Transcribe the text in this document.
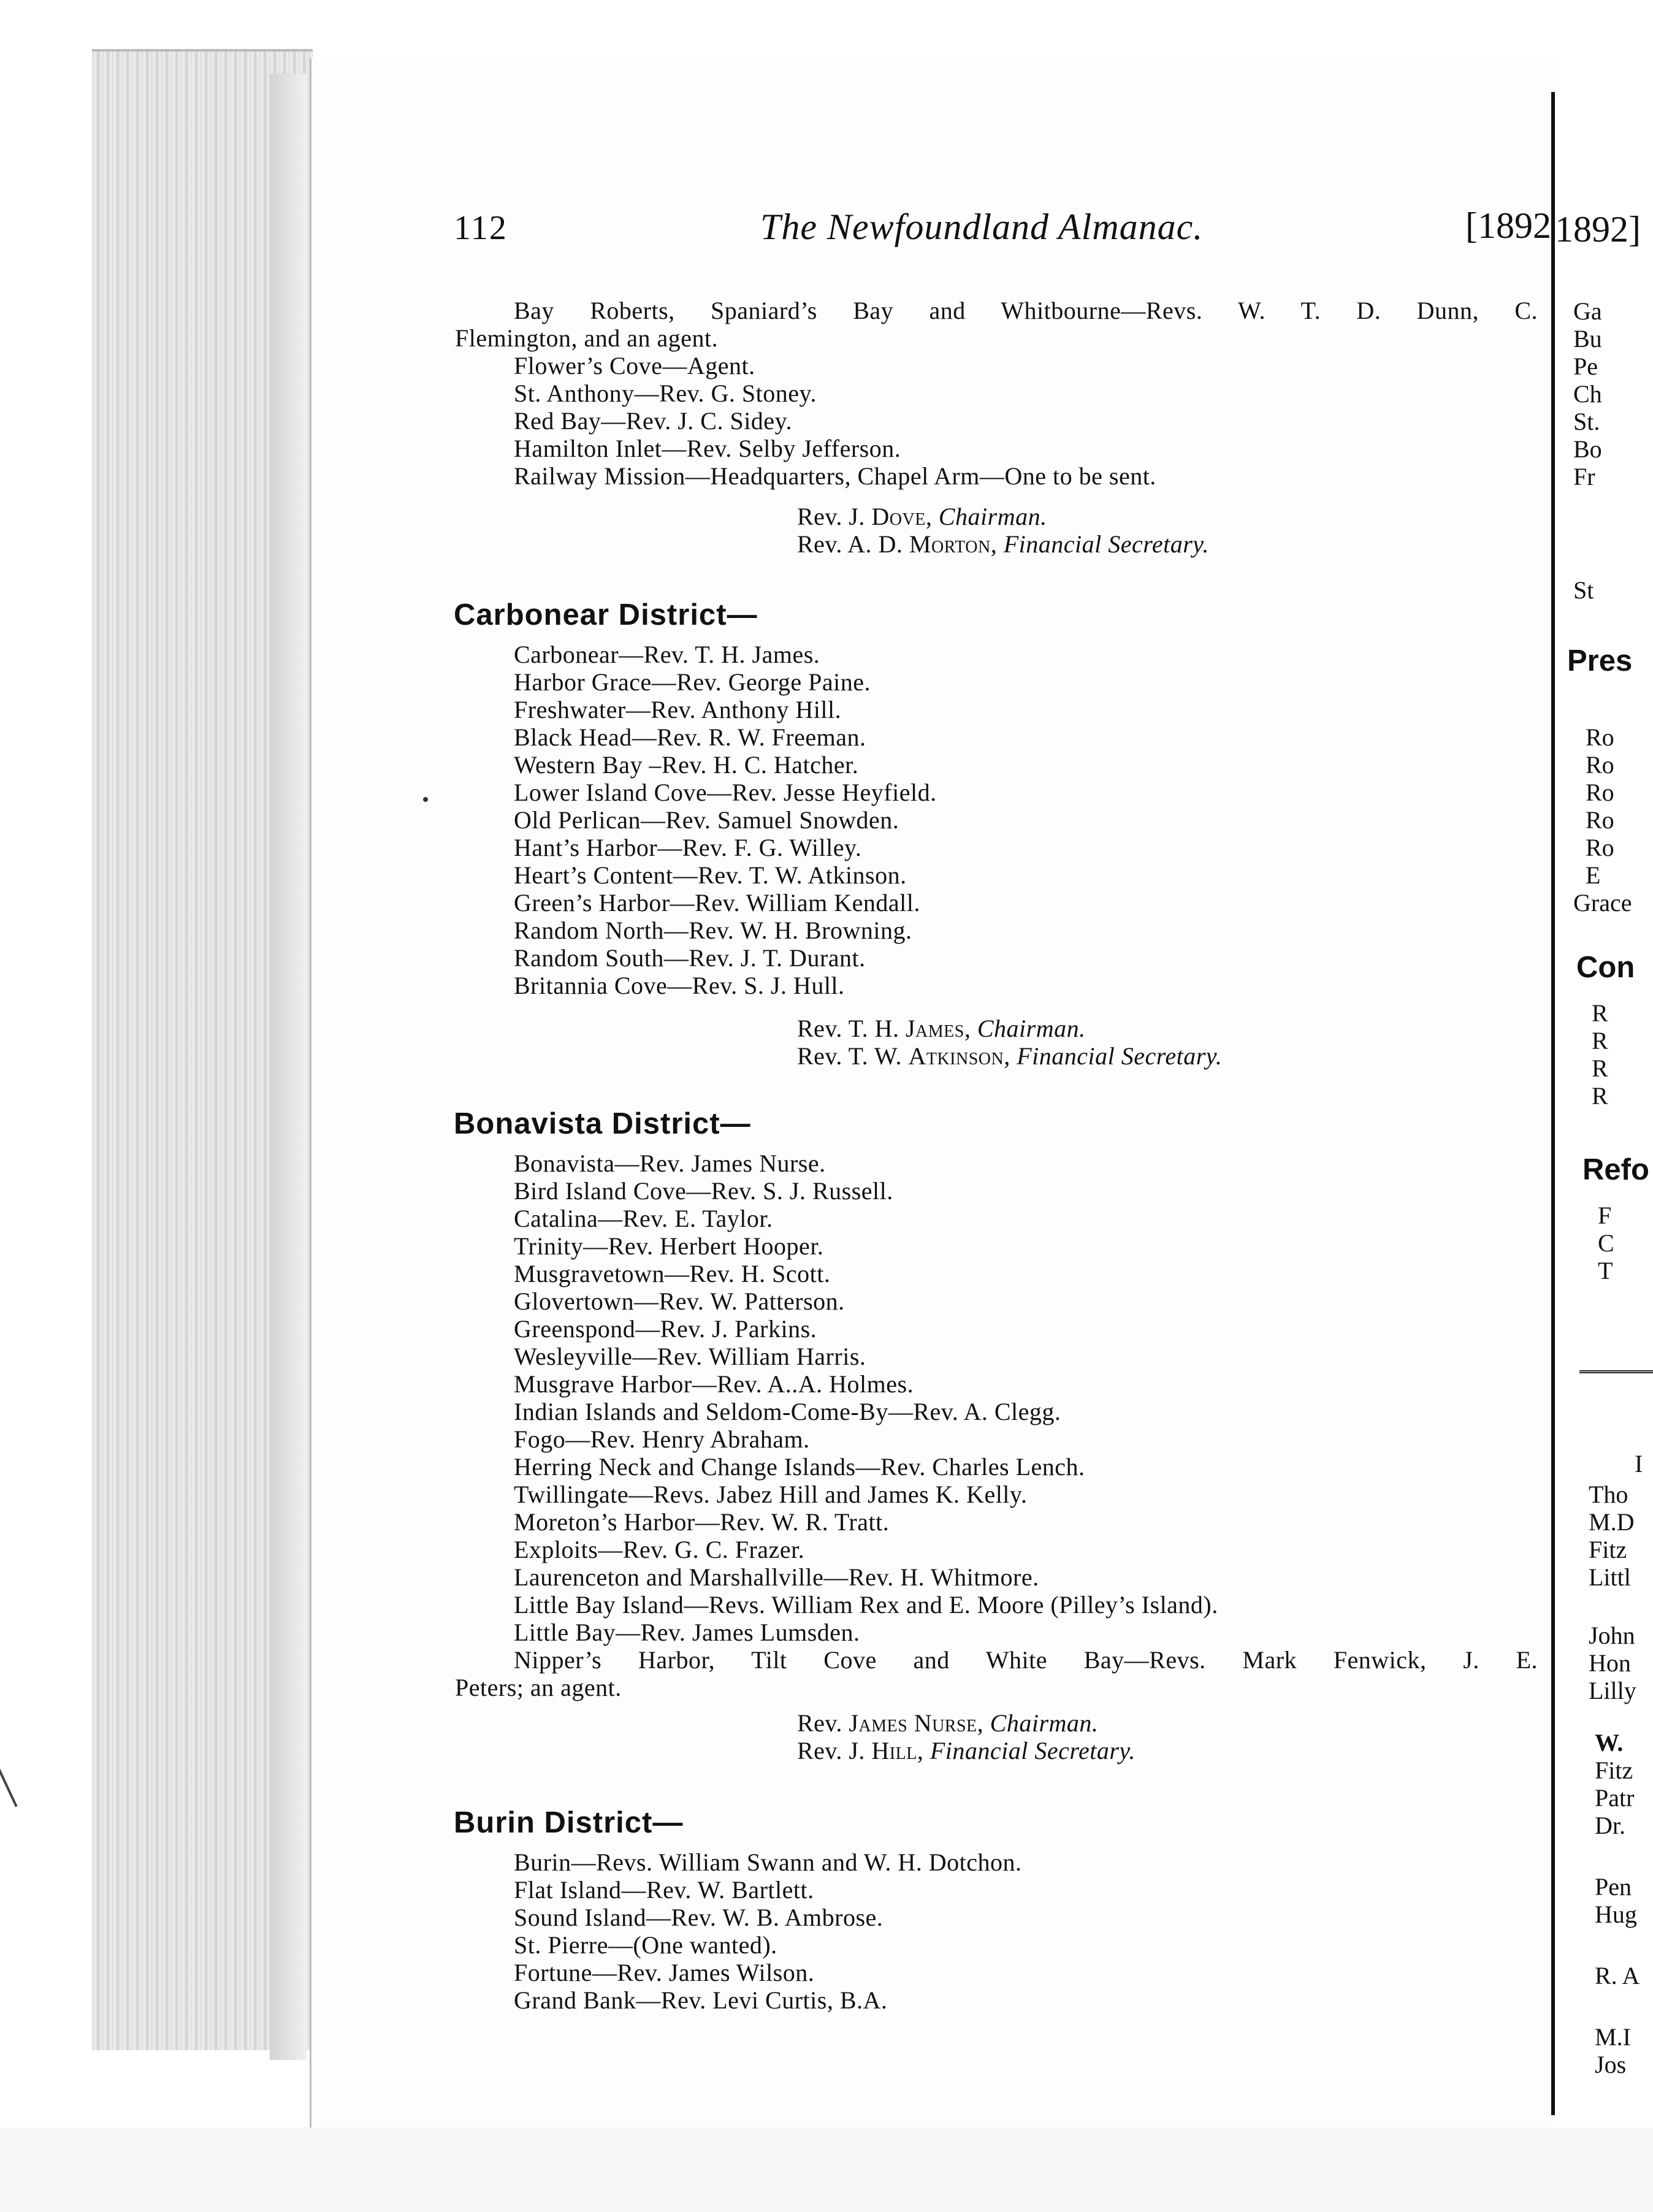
112	The Newfoundland Almanac.	[1892
Bay Roberts, Spaniard’s Bay and Whitbourne—Revs. W. T. D. Dunn, C.
Flemington, and an agent.
Flower’s Cove—Agent.
St. Anthony—Rev. G. Stoney.
Red Bay—Rev. J. C. Sidey.
Hamilton Inlet—Rev. Selby Jefferson.
Railway Mission—Headquarters, Chapel Arm—One to be sent.
Rev. J. Dove, Chairman.
Rev. A. D. Morton, Financial Secretary.
Carbonear District—
Carbonear—Rev. T. H. James.
Harbor Grace—Rev. George Paine.
Freshwater—Rev. Anthony Hill.
Black Head—Rev. R. W. Freeman.
Western Bay –Rev. H. C. Hatcher.
Lower Island Cove—Rev. Jesse Heyfield.
Old Perlican—Rev. Samuel Snowden.
Hant’s Harbor—Rev. F. G. Willey.
Heart’s Content—Rev. T. W. Atkinson.
Green’s Harbor—Rev. William Kendall.
Random North—Rev. W. H. Browning.
Random South—Rev. J. T. Durant.
Britannia Cove—Rev. S. J. Hull.
Rev. T. H. James, Chairman.
Rev. T. W. Atkinson, Financial Secretary.
Bonavista District—
Bonavista—Rev. James Nurse.
Bird Island Cove—Rev. S. J. Russell.
Catalina—Rev. E. Taylor.
Trinity—Rev. Herbert Hooper.
Musgravetown—Rev. H. Scott.
Glovertown—Rev. W. Patterson.
Greenspond—Rev. J. Parkins.
Wesleyville—Rev. William Harris.
Musgrave Harbor—Rev. A..A. Holmes.
Indian Islands and Seldom-Come-By—Rev. A. Clegg.
Fogo—Rev. Henry Abraham.
Herring Neck and Change Islands—Rev. Charles Lench.
Twillingate—Revs. Jabez Hill and James K. Kelly.
Moreton’s Harbor—Rev. W. R. Tratt.
Exploits—Rev. G. C. Frazer.
Laurenceton and Marshallville—Rev. H. Whitmore.
Little Bay Island—Revs. William Rex and E. Moore (Pilley’s Island).
Little Bay—Rev. James Lumsden.
Nipper’s Harbor, Tilt Cove and White Bay—Revs. Mark Fenwick, J. E.
Peters; an agent.
Rev. James Nurse, Chairman.
Rev. J. Hill, Financial Secretary.
Burin District—
Burin—Revs. William Swann and W. H. Dotchon.
Flat Island—Rev. W. Bartlett.
Sound Island—Rev. W. B. Ambrose.
St. Pierre—(One wanted).
Fortune—Rev. James Wilson.
Grand Bank—Rev. Levi Curtis, B.A.
1892]
Ga
Bu
Pe
Ch
St.
Bo
Fr
St
Pres
Ro
Ro
Ro
Ro
Ro
E
Grace
Con
R
R
R
R
Refo
F
C
T
I
Tho
M.D
Fitz
Littl
John
Hon
Lilly
W.
Fitz
Patr
Dr.
Pen
Hug
R. A
M.I
Jos
